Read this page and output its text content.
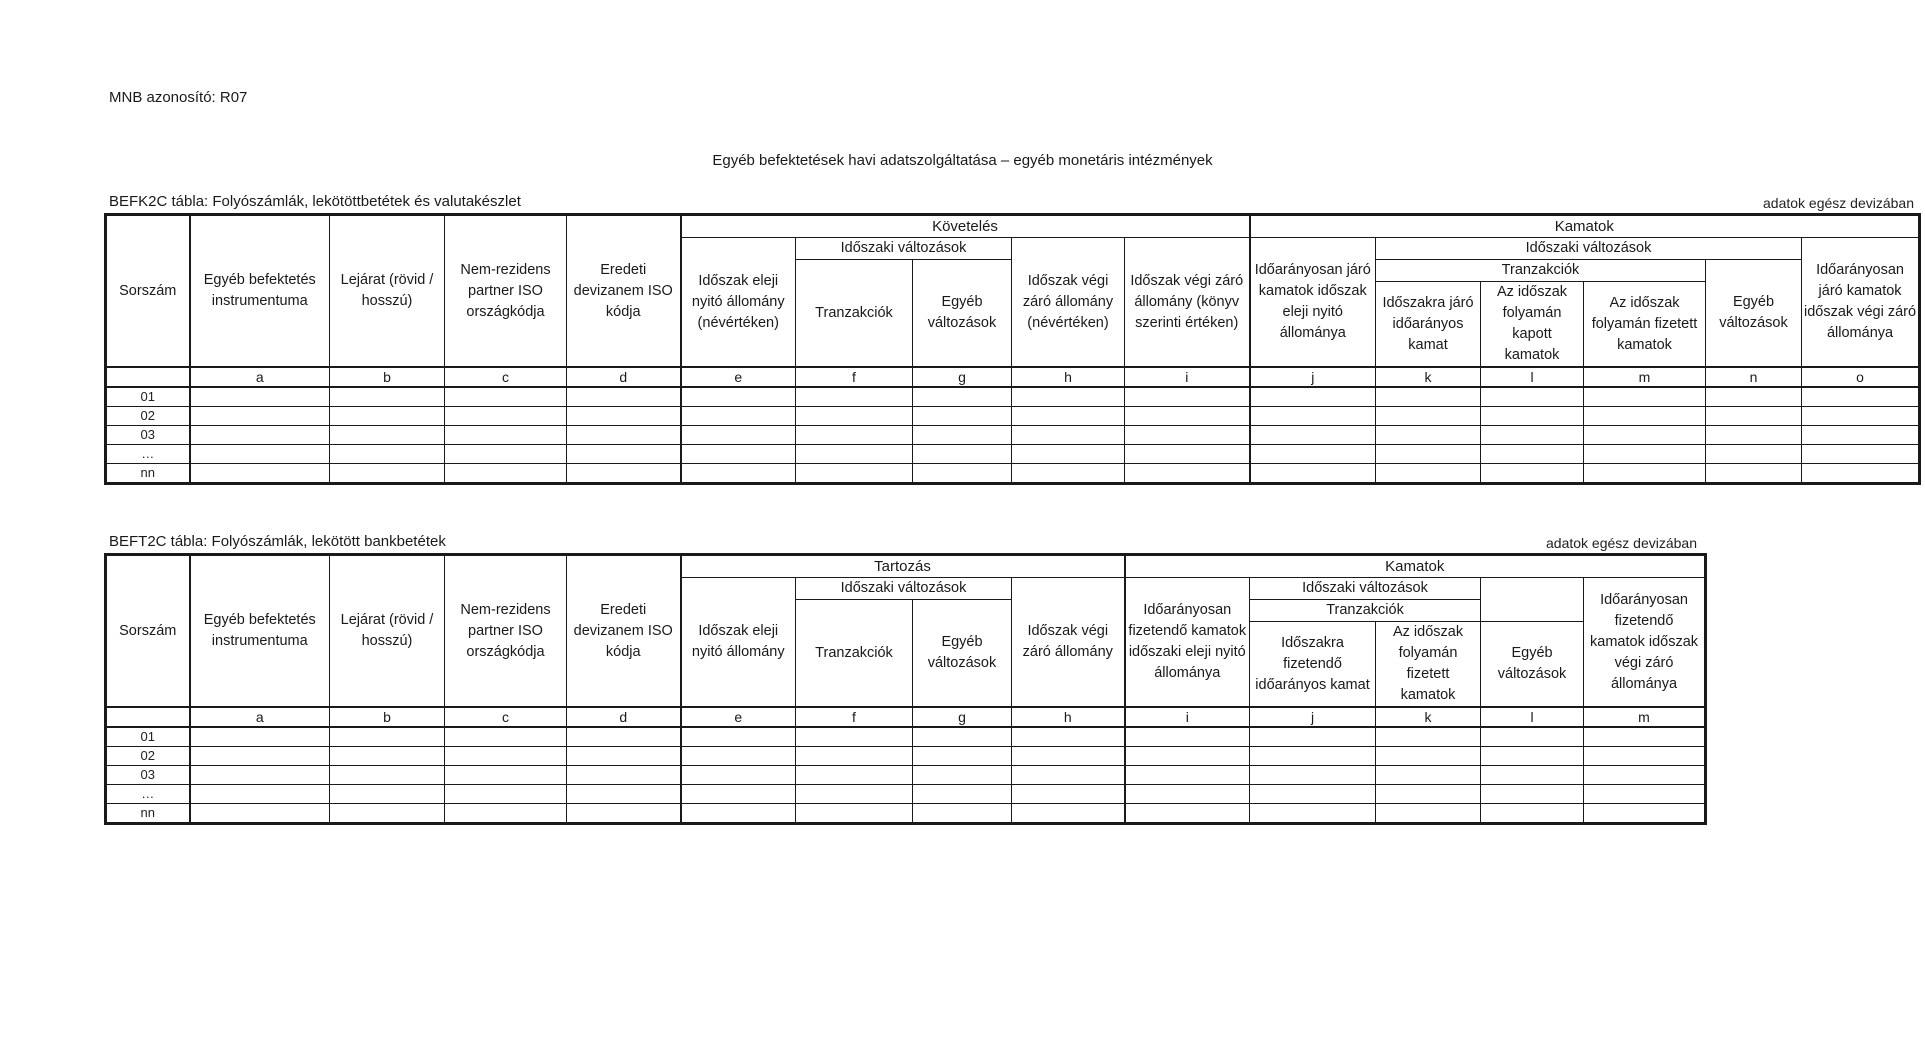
MNB azonosító: R07
Egyéb befektetések havi adatszolgáltatása – egyéb monetáris intézmények
BEFK2C tábla: Folyószámlák, lekötöttbetétek és valutakészlet	adatok egész devizában
Sorszám	Egyéb befektetés instrumentuma	Lejárat (rövid / hosszú)	Nem-rezidens partner ISO országkódja	Eredeti devizanem ISO kódja	Követelés					Kamatok					
					Időszak eleji nyitó állomány (névértéken)	Időszaki változások		Időszak végi záró állomány (névértéken)	Időszak végi záró állomány (könyv szerinti értéken)	Időarányosan járó kamatok időszak eleji nyitó állománya	Időszaki változások				Időarányosan járó kamatok időszak végi záró állománya
						Tranzakciók	Egyéb változások				Tranzakciók			Egyéb változások	
											Időszakra járó időarányos kamat	Az időszak folyamán kapott kamatok	Az időszak folyamán fizetett kamatok		
	a	b	c	d	e	f	g	h	i	j	k	l	m	n	o
01															
02															
03															
…															
nn															
BEFT2C tábla: Folyószámlák, lekötött bankbetétek	adatok egész devizában
Sorszám	Egyéb befektetés instrumentuma	Lejárat (rövid / hosszú)	Nem-rezidens partner ISO országkódja	Eredeti devizanem ISO kódja	Tartozás				Kamatok				
					Időszak eleji nyitó állomány	Időszaki változások		Időszak végi záró állomány	Időarányosan fizetendő kamatok időszaki eleji nyitó állománya	Időszaki változások			Időarányosan fizetendő kamatok időszak végi záró állománya
						Tranzakciók	Egyéb változások			Tranzakciók			
										Időszakra fizetendő időarányos kamat	Az időszak folyamán fizetett kamatok	Egyéb változások	
	a	b	c	d	e	f	g	h	i	j	k	l	m
01													
02													
03													
…													
nn													
